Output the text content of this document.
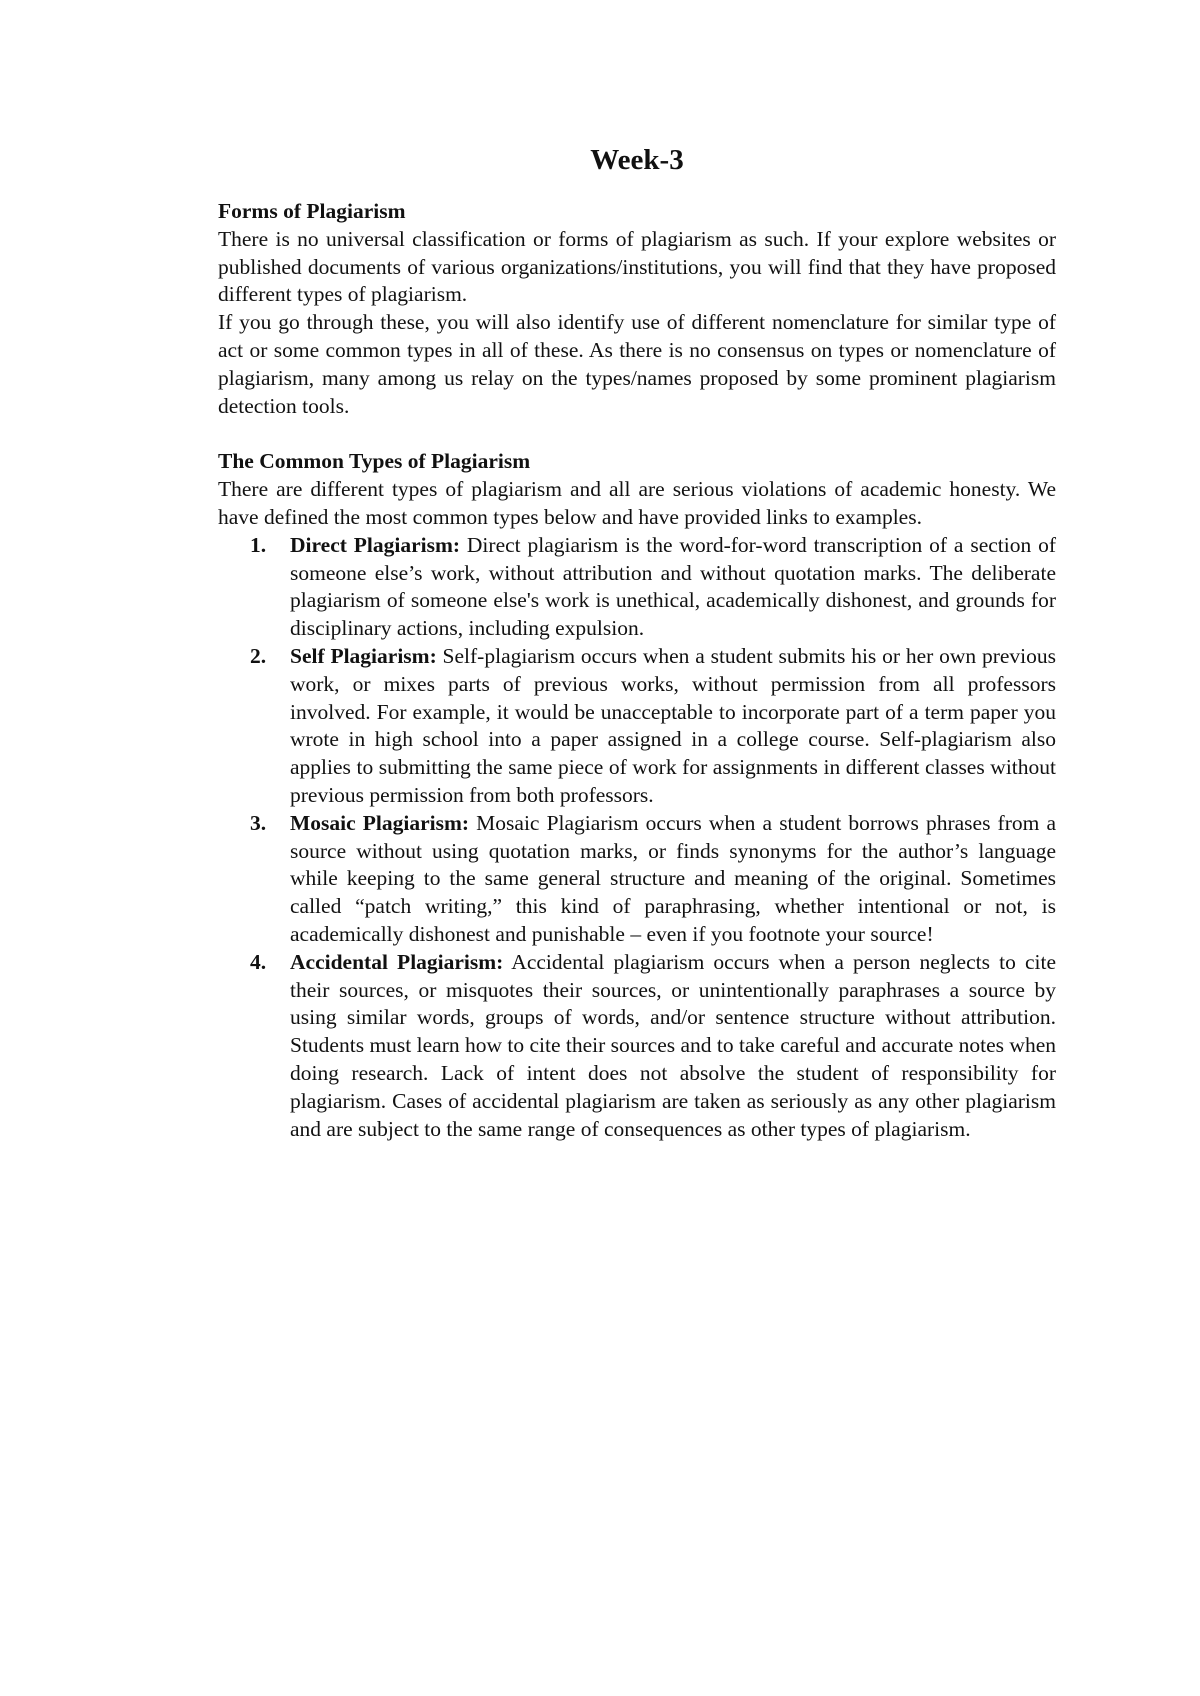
Week-3

Forms of Plagiarism

There is no universal classification or forms of plagiarism as such. If your explore websites or published documents of various organizations/institutions, you will find that they have proposed different types of plagiarism.

If you go through these, you will also identify use of different nomenclature for similar type of act or some common types in all of these. As there is no consensus on types or nomenclature of plagiarism, many among us relay on the types/names proposed by some prominent plagiarism detection tools.

The Common Types of Plagiarism

There are different types of plagiarism and all are serious violations of academic honesty. We have defined the most common types below and have provided links to examples.

1. Direct Plagiarism: Direct plagiarism is the word-for-word transcription of a section of someone else’s work, without attribution and without quotation marks. The deliberate plagiarism of someone else's work is unethical, academically dishonest, and grounds for disciplinary actions, including expulsion.
2. Self Plagiarism: Self-plagiarism occurs when a student submits his or her own previous work, or mixes parts of previous works, without permission from all professors involved. For example, it would be unacceptable to incorporate part of a term paper you wrote in high school into a paper assigned in a college course. Self-plagiarism also applies to submitting the same piece of work for assignments in different classes without previous permission from both professors.
3. Mosaic Plagiarism: Mosaic Plagiarism occurs when a student borrows phrases from a source without using quotation marks, or finds synonyms for the author’s language while keeping to the same general structure and meaning of the original. Sometimes called “patch writing,” this kind of paraphrasing, whether intentional or not, is academically dishonest and punishable – even if you footnote your source!
4. Accidental Plagiarism: Accidental plagiarism occurs when a person neglects to cite their sources, or misquotes their sources, or unintentionally paraphrases a source by using similar words, groups of words, and/or sentence structure without attribution. Students must learn how to cite their sources and to take careful and accurate notes when doing research. Lack of intent does not absolve the student of responsibility for plagiarism. Cases of accidental plagiarism are taken as seriously as any other plagiarism and are subject to the same range of consequences as other types of plagiarism.
